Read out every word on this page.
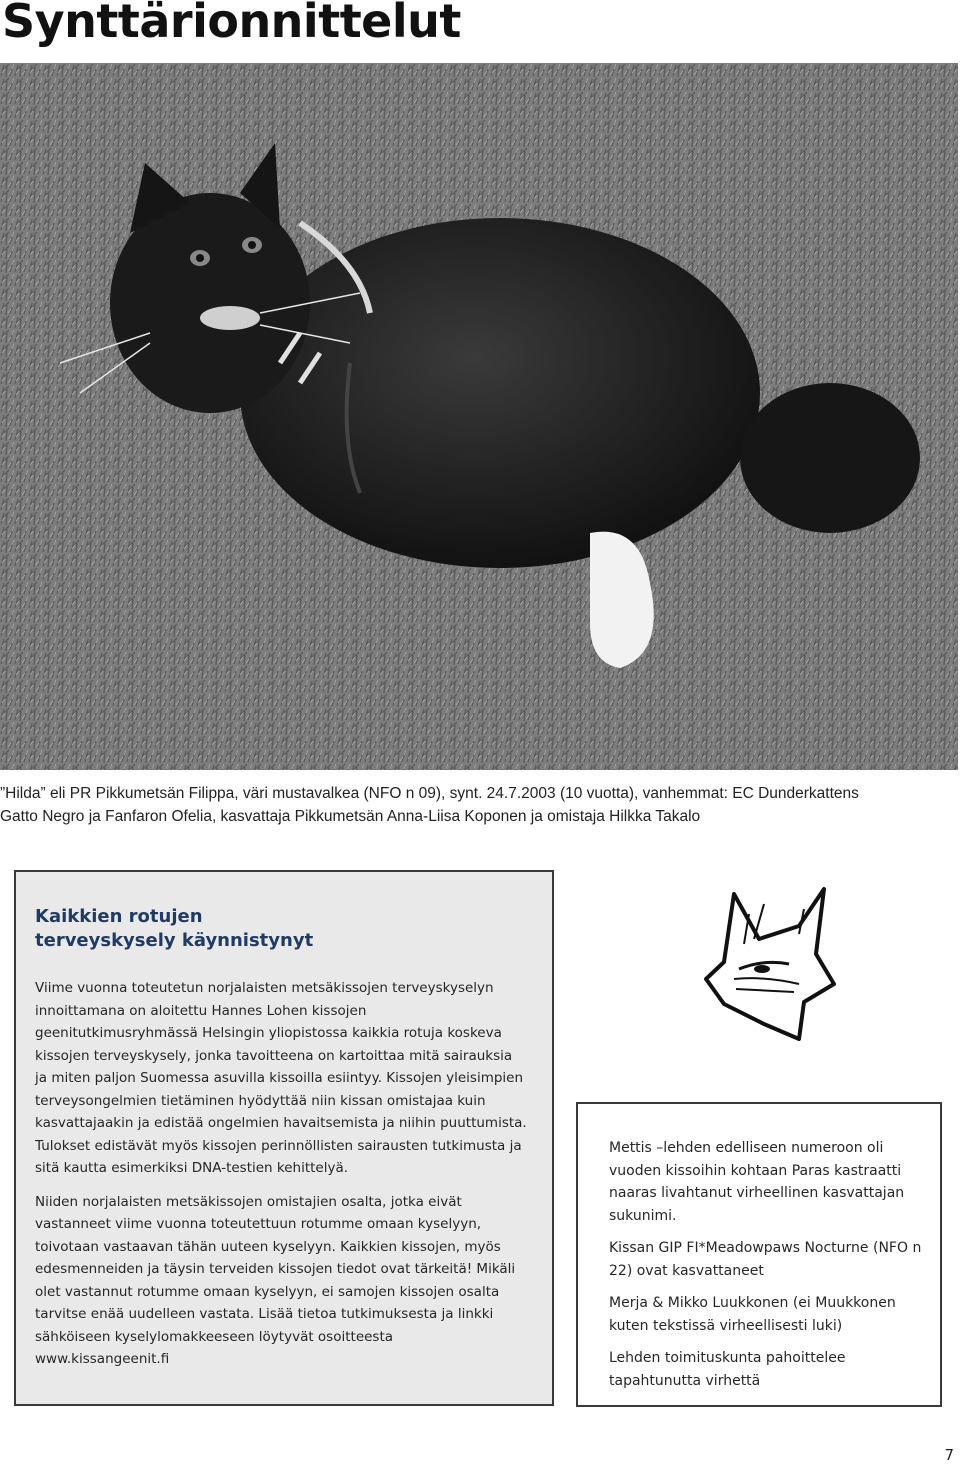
Synttärionnittelut

”Hilda” eli PR Pikkumetsän Filippa, väri mustavalkea (NFO n 09), synt. 24.7.2003 (10 vuotta), vanhemmat: EC Dunderkattens

Gatto Negro ja Fanfaron Ofelia, kasvattaja Pikkumetsän Anna-Liisa Koponen ja omistaja Hilkka Takalo

Kaikkien rotujen
terveyskysely käynnistynyt

Viime vuonna toteutetun norjalaisten metsäkissojen terveyskyselyn innoittamana on aloitettu Hannes Lohen kissojen geenitutkimusryhmässä Helsingin yliopistossa kaikkia rotuja koskeva kissojen terveyskysely, jonka tavoitteena on kartoittaa mitä sairauksia ja miten paljon Suomessa asuvilla kissoilla esiintyy. Kissojen yleisimpien terveysongelmien tietäminen hyödyttää niin kissan omistajaa kuin kasvattajaakin ja edistää ongelmien havaitsemista ja niihin puuttumista. Tulokset edistävät myös kissojen perinnöllisten sairausten tutkimusta ja sitä kautta esimerkiksi DNA-testien kehittelyä.

Niiden norjalaisten metsäkissojen omistajien osalta, jotka eivät vastanneet viime vuonna toteutettuun rotumme omaan kyselyyn, toivotaan vastaavan tähän uuteen kyselyyn. Kaikkien kissojen, myös edesmenneiden ja täysin terveiden kissojen tiedot ovat tärkeitä! Mikäli olet vastannut rotumme omaan kyselyyn, ei samojen kissojen osalta tarvitse enää uudelleen vastata. Lisää tietoa tutkimuksesta ja linkki sähköiseen kyselylomakkeeseen löytyvät osoitteesta www.kissangeenit.fi

Mettis –lehden edelliseen numeroon oli vuoden kissoihin kohtaan Paras kastraatti naaras livahtanut virheellinen kasvattajan sukunimi.

Kissan GIP FI*Meadowpaws Nocturne (NFO n 22) ovat kasvattaneet

Merja & Mikko Luukkonen (ei Muukkonen kuten tekstissä virheellisesti luki)

Lehden toimituskunta pahoittelee tapahtunutta virhettä

7
